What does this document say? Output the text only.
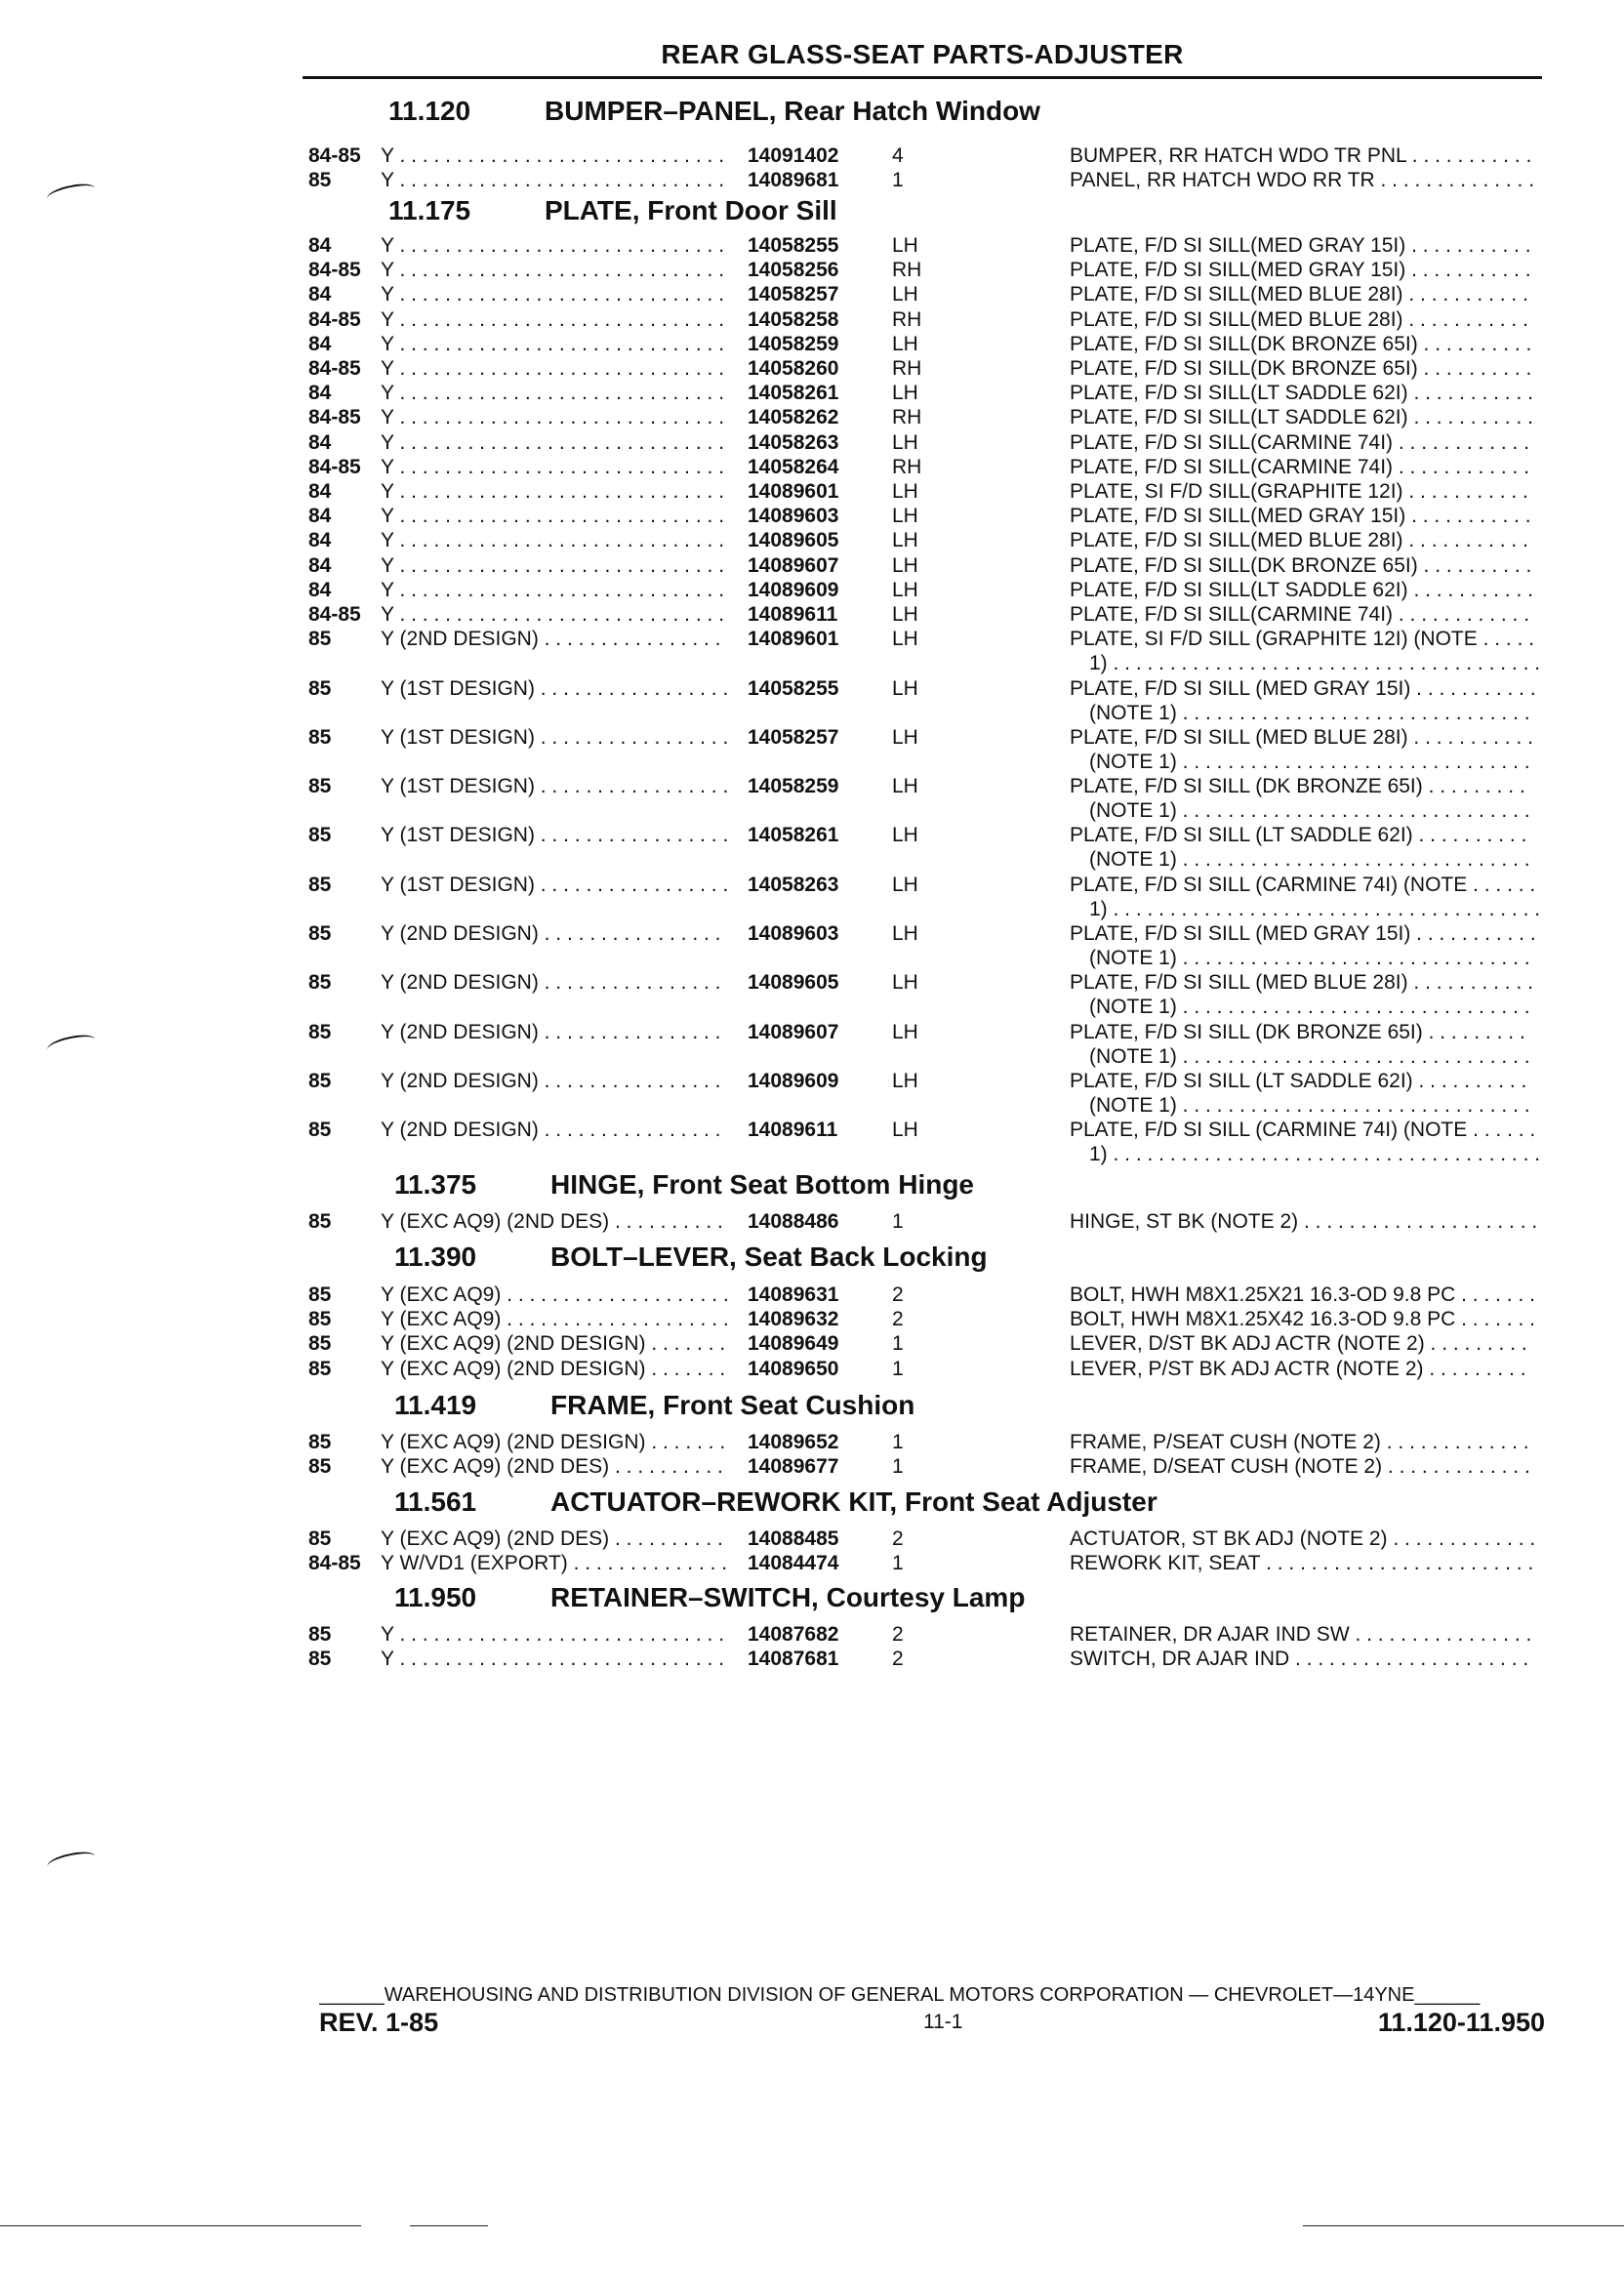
REAR GLASS-SEAT PARTS-ADJUSTER
11.120	BUMPER–PANEL, Rear Hatch Window
84-85 Y . . . . . . . . . . . . . . . . . . . . . . . . . . . . .	14091402	4	BUMPER, RR HATCH WDO TR PNL . . . . . . . . . . .
85 Y . . . . . . . . . . . . . . . . . . . . . . . . . . . . .	14089681	1	PANEL, RR HATCH WDO RR TR . . . . . . . . . . . . . .
11.175	PLATE, Front Door Sill
84 Y . . . . . . . . . . . . . . . . . . . . . . . . . . . . .	14058255	LH	PLATE, F/D SI SILL(MED GRAY 15I) . . . . . . . . . . .
84-85 Y . . . . . . . . . . . . . . . . . . . . . . . . . . . . .	14058256	RH	PLATE, F/D SI SILL(MED GRAY 15I) . . . . . . . . . . .
84 Y . . . . . . . . . . . . . . . . . . . . . . . . . . . . .	14058257	LH	PLATE, F/D SI SILL(MED BLUE 28I) . . . . . . . . . . .
84-85 Y . . . . . . . . . . . . . . . . . . . . . . . . . . . . .	14058258	RH	PLATE, F/D SI SILL(MED BLUE 28I) . . . . . . . . . . .
84 Y . . . . . . . . . . . . . . . . . . . . . . . . . . . . .	14058259	LH	PLATE, F/D SI SILL(DK BRONZE 65I) . . . . . . . . . .
84-85 Y . . . . . . . . . . . . . . . . . . . . . . . . . . . . .	14058260	RH	PLATE, F/D SI SILL(DK BRONZE 65I) . . . . . . . . . .
84 Y . . . . . . . . . . . . . . . . . . . . . . . . . . . . .	14058261	LH	PLATE, F/D SI SILL(LT SADDLE 62I) . . . . . . . . . . .
84-85 Y . . . . . . . . . . . . . . . . . . . . . . . . . . . . .	14058262	RH	PLATE, F/D SI SILL(LT SADDLE 62I) . . . . . . . . . . .
84 Y . . . . . . . . . . . . . . . . . . . . . . . . . . . . .	14058263	LH	PLATE, F/D SI SILL(CARMINE 74I) . . . . . . . . . . . .
84-85 Y . . . . . . . . . . . . . . . . . . . . . . . . . . . . .	14058264	RH	PLATE, F/D SI SILL(CARMINE 74I) . . . . . . . . . . . .
84 Y . . . . . . . . . . . . . . . . . . . . . . . . . . . . .	14089601	LH	PLATE, SI F/D SILL(GRAPHITE 12I) . . . . . . . . . . .
84 Y . . . . . . . . . . . . . . . . . . . . . . . . . . . . .	14089603	LH	PLATE, F/D SI SILL(MED GRAY 15I) . . . . . . . . . . .
84 Y . . . . . . . . . . . . . . . . . . . . . . . . . . . . .	14089605	LH	PLATE, F/D SI SILL(MED BLUE 28I) . . . . . . . . . . .
84 Y . . . . . . . . . . . . . . . . . . . . . . . . . . . . .	14089607	LH	PLATE, F/D SI SILL(DK BRONZE 65I) . . . . . . . . . .
84 Y . . . . . . . . . . . . . . . . . . . . . . . . . . . . .	14089609	LH	PLATE, F/D SI SILL(LT SADDLE 62I) . . . . . . . . . . .
84-85 Y . . . . . . . . . . . . . . . . . . . . . . . . . . . . .	14089611	LH	PLATE, F/D SI SILL(CARMINE 74I) . . . . . . . . . . . .
85 Y (2ND DESIGN) . . . . . . . . . . . . . . . .	14089601	LH	PLATE, SI F/D SILL (GRAPHITE 12I) (NOTE . . . . .
1) . . . . . . . . . . . . . . . . . . . . . . . . . . . . . . . . . . . . . .
85 Y (1ST DESIGN) . . . . . . . . . . . . . . . . . 14058255	LH	PLATE, F/D SI SILL (MED GRAY 15I) . . . . . . . . . . .
(NOTE 1) . . . . . . . . . . . . . . . . . . . . . . . . . . . . . . .
85 Y (1ST DESIGN) . . . . . . . . . . . . . . . . . 14058257	LH	PLATE, F/D SI SILL (MED BLUE 28I) . . . . . . . . . . .
(NOTE 1) . . . . . . . . . . . . . . . . . . . . . . . . . . . . . . .
85 Y (1ST DESIGN) . . . . . . . . . . . . . . . . . 14058259	LH	PLATE, F/D SI SILL (DK BRONZE 65I) . . . . . . . . .
(NOTE 1) . . . . . . . . . . . . . . . . . . . . . . . . . . . . . . .
85 Y (1ST DESIGN) . . . . . . . . . . . . . . . . . 14058261	LH	PLATE, F/D SI SILL (LT SADDLE 62I) . . . . . . . . . .
(NOTE 1) . . . . . . . . . . . . . . . . . . . . . . . . . . . . . . .
85 Y (1ST DESIGN) . . . . . . . . . . . . . . . . . 14058263	LH	PLATE, F/D SI SILL (CARMINE 74I) (NOTE . . . . . .
1) . . . . . . . . . . . . . . . . . . . . . . . . . . . . . . . . . . . . . .
85 Y (2ND DESIGN) . . . . . . . . . . . . . . . .	14089603	LH	PLATE, F/D SI SILL (MED GRAY 15I) . . . . . . . . . . .
(NOTE 1) . . . . . . . . . . . . . . . . . . . . . . . . . . . . . . .
85 Y (2ND DESIGN) . . . . . . . . . . . . . . . .	14089605	LH	PLATE, F/D SI SILL (MED BLUE 28I) . . . . . . . . . . .
(NOTE 1) . . . . . . . . . . . . . . . . . . . . . . . . . . . . . . .
85 Y (2ND DESIGN) . . . . . . . . . . . . . . . .	14089607	LH	PLATE, F/D SI SILL (DK BRONZE 65I) . . . . . . . . .
(NOTE 1) . . . . . . . . . . . . . . . . . . . . . . . . . . . . . . .
85 Y (2ND DESIGN) . . . . . . . . . . . . . . . .	14089609	LH	PLATE, F/D SI SILL (LT SADDLE 62I) . . . . . . . . . .
(NOTE 1) . . . . . . . . . . . . . . . . . . . . . . . . . . . . . . .
85 Y (2ND DESIGN) . . . . . . . . . . . . . . . .	14089611	LH	PLATE, F/D SI SILL (CARMINE 74I) (NOTE . . . . . .
1) . . . . . . . . . . . . . . . . . . . . . . . . . . . . . . . . . . . . . .
11.375	HINGE, Front Seat Bottom Hinge
85 Y (EXC AQ9) (2ND DES) . . . . . . . . . .	14088486	1	HINGE, ST BK (NOTE 2) . . . . . . . . . . . . . . . . . . . . .
11.390	BOLT–LEVER, Seat Back Locking
85 Y (EXC AQ9) . . . . . . . . . . . . . . . . . . . . 14089631	2	BOLT, HWH M8X1.25X21 16.3-OD 9.8 PC . . . . . . .
85 Y (EXC AQ9) . . . . . . . . . . . . . . . . . . . . 14089632	2	BOLT, HWH M8X1.25X42 16.3-OD 9.8 PC . . . . . . .
85 Y (EXC AQ9) (2ND DESIGN) . . . . . . .	14089649	1	LEVER, D/ST BK ADJ ACTR (NOTE 2) . . . . . . . . .
85 Y (EXC AQ9) (2ND DESIGN) . . . . . . .	14089650	1	LEVER, P/ST BK ADJ ACTR (NOTE 2) . . . . . . . . .
11.419	FRAME, Front Seat Cushion
85 Y (EXC AQ9) (2ND DESIGN) . . . . . . .	14089652	1	FRAME, P/SEAT CUSH (NOTE 2) . . . . . . . . . . . . .
85 Y (EXC AQ9) (2ND DES) . . . . . . . . . .	14089677	1	FRAME, D/SEAT CUSH (NOTE 2) . . . . . . . . . . . . .
11.561	ACTUATOR–REWORK KIT, Front Seat Adjuster
85 Y (EXC AQ9) (2ND DES) . . . . . . . . . .	14088485	2	ACTUATOR, ST BK ADJ (NOTE 2) . . . . . . . . . . . . .
84-85 Y W/VD1 (EXPORT) . . . . . . . . . . . . . . 14084474	1	REWORK KIT, SEAT . . . . . . . . . . . . . . . . . . . . . . . .
11.950	RETAINER–SWITCH, Courtesy Lamp
85 Y . . . . . . . . . . . . . . . . . . . . . . . . . . . . .	14087682	2	RETAINER, DR AJAR IND SW . . . . . . . . . . . . . . . .
85 Y . . . . . . . . . . . . . . . . . . . . . . . . . . . . .	14087681	2	SWITCH, DR AJAR IND . . . . . . . . . . . . . . . . . . . . .
______WAREHOUSING AND DISTRIBUTION DIVISION OF GENERAL MOTORS CORPORATION — CHEVROLET—14YNE______
REV. 1-85	11-1	11.120-11.950
